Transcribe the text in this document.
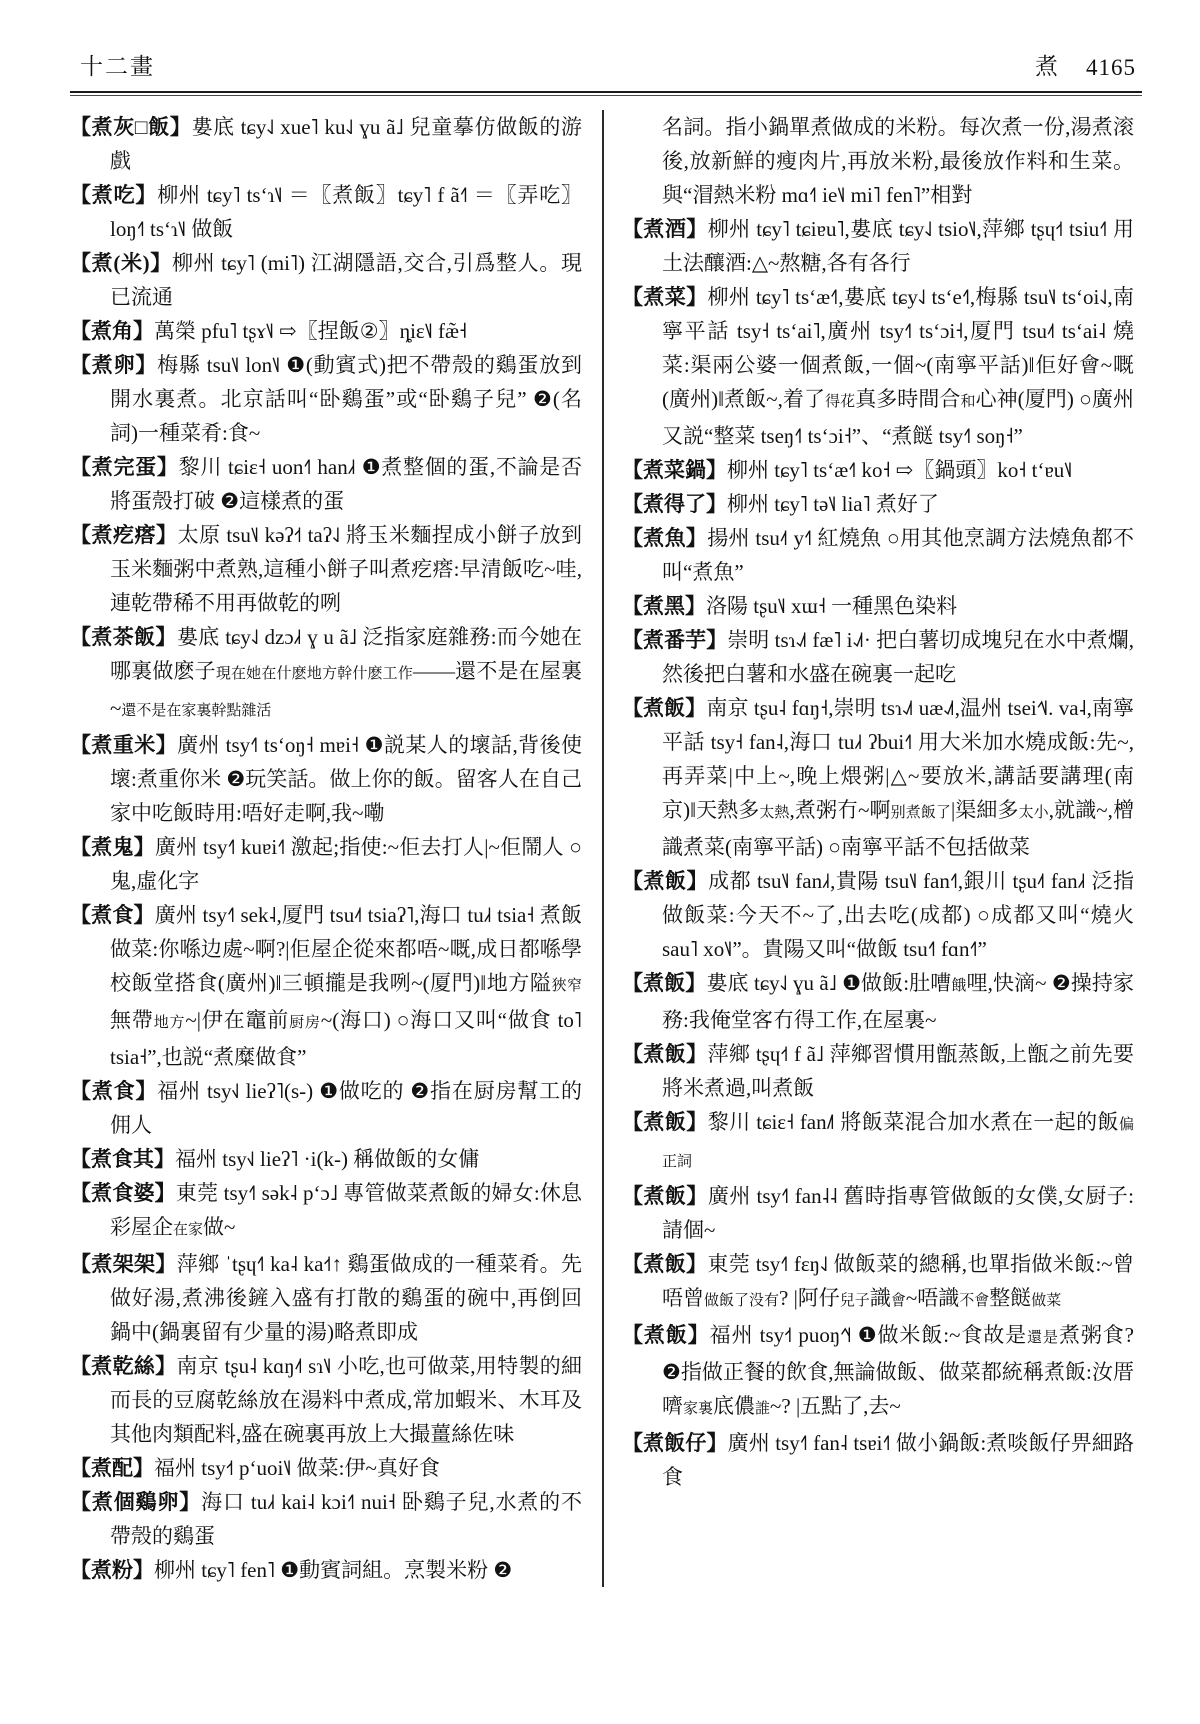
十二畫	煮 4165
【煮灰□飯】婁底 tɕy˨˩ xue˥ ku˨˩ ɣu ã˩ 兒童摹仿做飯的游戲
【煮吃】柳州 tɕy˥ tsʻɿ˥˩ ＝〖煮飯〗tɕy˥ f ã˧˥ ＝〖弄吃〗loŋ˧˥ tsʻɿ˥˩ 做飯
【煮(米)】柳州 tɕy˥ (mi˥) 江湖隱語,交合,引爲整人。現已流通
【煮角】萬榮 pfu˥ tʂɤ˥˩ ⇨〖捏飯②〗ȵiɛ˥˩ fæ̃˧
【煮卵】梅縣 tsu˥˩ lon˥˩ ❶(動賓式)把不帶殼的鷄蛋放到開水裏煮。北京話叫“卧鷄蛋”或“卧鷄子兒” ❷(名詞)一種菜肴:食~
【煮完蛋】黎川 tɕiɛ˧ uon˧˥ han˩˧ ❶煮整個的蛋,不論是否將蛋殼打破 ❷這樣煮的蛋
【煮疙瘩】太原 tsu˥˩ kəʔ˧˦ taʔ˨˩ 將玉米麵捏成小餅子放到玉米麵粥中煮熟,這種小餅子叫煮疙瘩:早清飯吃~哇,連乾帶稀不用再做乾的咧
【煮茶飯】婁底 tɕy˨˩ dzɔ˩˧ ɣ u ã˩ 泛指家庭雜務:而今她在哪裏做麽子現在她在什麽地方幹什麽工作——還不是在屋裏~還不是在家裏幹點雜活
【煮重米】廣州 tsy˧˥ tsʻoŋ˧ mɐi˧ ❶説某人的壞話,背後使壞:煮重你米 ❷玩笑話。做上你的飯。留客人在自己家中吃飯時用:唔好走啊,我~嘞
【煮鬼】廣州 tsy˧˥ kuɐi˧˥ 激起;指使:~佢去打人|~佢鬧人 ○鬼,虛化字
【煮食】廣州 tsy˧˥ sek˨,厦門 tsu˨˦ tsiaʔ˥,海口 tu˩˧ tsia˧ 煮飯做菜:你喺边處~啊?|佢屋企從來都唔~嘅,成日都喺學校飯堂搭食(廣州)‖三頓攏是我咧~(厦門)‖地方隘狹窄無帶地方~|伊在竈前厨房~(海口) ○海口又叫“做食 to˥ tsia˧”,也説“煮糜做食”
【煮食】福州 tsy˧˩ lieʔ˥(s-) ❶做吃的 ❷指在厨房幫工的佣人
【煮食其】福州 tsy˧˩ lieʔ˥ ·i(k-) 稱做飯的女傭
【煮食婆】東莞 tsy˧˥ sək˨ pʻɔ˩ 專管做菜煮飯的婦女:休息彩屋企在家做~
【煮架架】萍鄉 ˈtʂɥ˧˥ ka˨ ka˧˦↑ 鷄蛋做成的一種菜肴。先做好湯,煮沸後鏟入盛有打散的鷄蛋的碗中,再倒回鍋中(鍋裏留有少量的湯)略煮即成
【煮乾絲】南京 tʂu˨ kɑŋ˨˦ sɿ˥˩ 小吃,也可做菜,用特製的細而長的豆腐乾絲放在湯料中煮成,常加蝦米、木耳及其他肉類配料,盛在碗裏再放上大撮薑絲佐味
【煮配】福州 tsy˧˦ pʻuoi˥˩ 做菜:伊~真好食
【煮個鷄卵】海口 tu˩˧ kai˨ kɔi˧˥ nui˧ 卧鷄子兒,水煮的不帶殼的鷄蛋
【煮粉】柳州 tɕy˥ fen˥ ❶動賓詞組。烹製米粉 ❷
名詞。指小鍋單煮做成的米粉。每次煮一份,湯煮滚後,放新鮮的瘦肉片,再放米粉,最後放作料和生菜。與“㴘熱米粉 mɑ˧˥ ie˥˩ mi˥ fen˥”相對
【煮酒】柳州 tɕy˥ tɕiɐu˥,婁底 tɕy˨˩ tsio˥˩,萍鄉 tʂɥ˧˦ tsiu˧˥ 用土法釀酒:△~熬糖,各有各行
【煮菜】柳州 tɕy˥ tsʻæ˧˥,婁底 tɕy˨˩ tsʻe˧˥,梅縣 tsu˥˩ tsʻoi˨˩,南寧平話 tsy˧ tsʻai˥,廣州 tsy˧˥ tsʻɔi˧,厦門 tsu˨˦ tsʻai˨ 燒菜:渠兩公婆一個煮飯,一個~(南寧平話)‖佢好會~嘅(廣州)‖煮飯~,着了得花真多時間合和心神(厦門) ○廣州又説“整菜 tseŋ˧˥ tsʻɔi˧”、“煮餸 tsy˧˥ soŋ˧”
【煮菜鍋】柳州 tɕy˥ tsʻæ˧˥ ko˧ ⇨〖鍋頭〗ko˧ tʻɐu˥˩
【煮得了】柳州 tɕy˥ tə˥˩ lia˥ 煮好了
【煮魚】揚州 tsu˨˦ y˧˥ 紅燒魚 ○用其他烹調方法燒魚都不叫“煮魚”
【煮黑】洛陽 tʂu˥˩ xɯ˧ 一種黑色染料
【煮番芋】崇明 tsɿ˨˩˦ fæ˥ i˨˩˦· 把白薯切成塊兒在水中煮爛,然後把白薯和水盛在碗裏一起吃
【煮飯】南京 tʂu˨ fɑŋ˧,崇明 tsɿ˨˩˦ uæ˨˩˦,温州 tsei˧˥˩. va˨,南寧平話 tsy˧ fan˨,海口 tu˩˧ ʔbui˧˥ 用大米加水燒成飯:先~,再弄菜|中上~,晚上煨粥|△~要放米,講話要講理(南京)‖天熱多太熱,煮粥冇~啊别煮飯了|渠細多太小,就識~,橧識煮菜(南寧平話) ○南寧平話不包括做菜
【煮飯】成都 tsu˥˩ fan˩˧,貴陽 tsu˥˩ fan˧˥,銀川 tʂu˨˦ fan˩˧ 泛指做飯菜:今天不~了,出去吃(成都) ○成都又叫“燒火 sau˥ xo˥˩”。貴陽又叫“做飯 tsu˧˥ fɑn˧˥”
【煮飯】婁底 tɕy˨˩ ɣu ã˩ ❶做飯:肚嘈餓哩,快滴~ ❷操持家務:我俺堂客冇得工作,在屋裏~
【煮飯】萍鄉 tʂɥ˧˦ f ã˩ 萍鄉習慣用甑蒸飯,上甑之前先要將米煮過,叫煮飯
【煮飯】黎川 tɕiɛ˧ fan˩˥ 將飯菜混合加水煮在一起的飯偏正詞
【煮飯】廣州 tsy˧˥ fan˨˨ 舊時指專管做飯的女僕,女厨子:請個~
【煮飯】東莞 tsy˧˥ fɛŋ˨˩ 做飯菜的總稱,也單指做米飯:~曾唔曾做飯了没有? |阿仔兒子識會~唔識不會整餸做菜
【煮飯】福州 tsy˧˦ puoŋ˧˥˧ ❶做米飯:~食故是還是煮粥食? ❷指做正餐的飲食,無論做飯、做菜都統稱煮飯:汝厝嚌家裏底儂誰~? |五點了,去~
【煮飯仔】廣州 tsy˧˥ fan˨ tsɐi˧˥ 做小鍋飯:煮啖飯仔畀細路食
